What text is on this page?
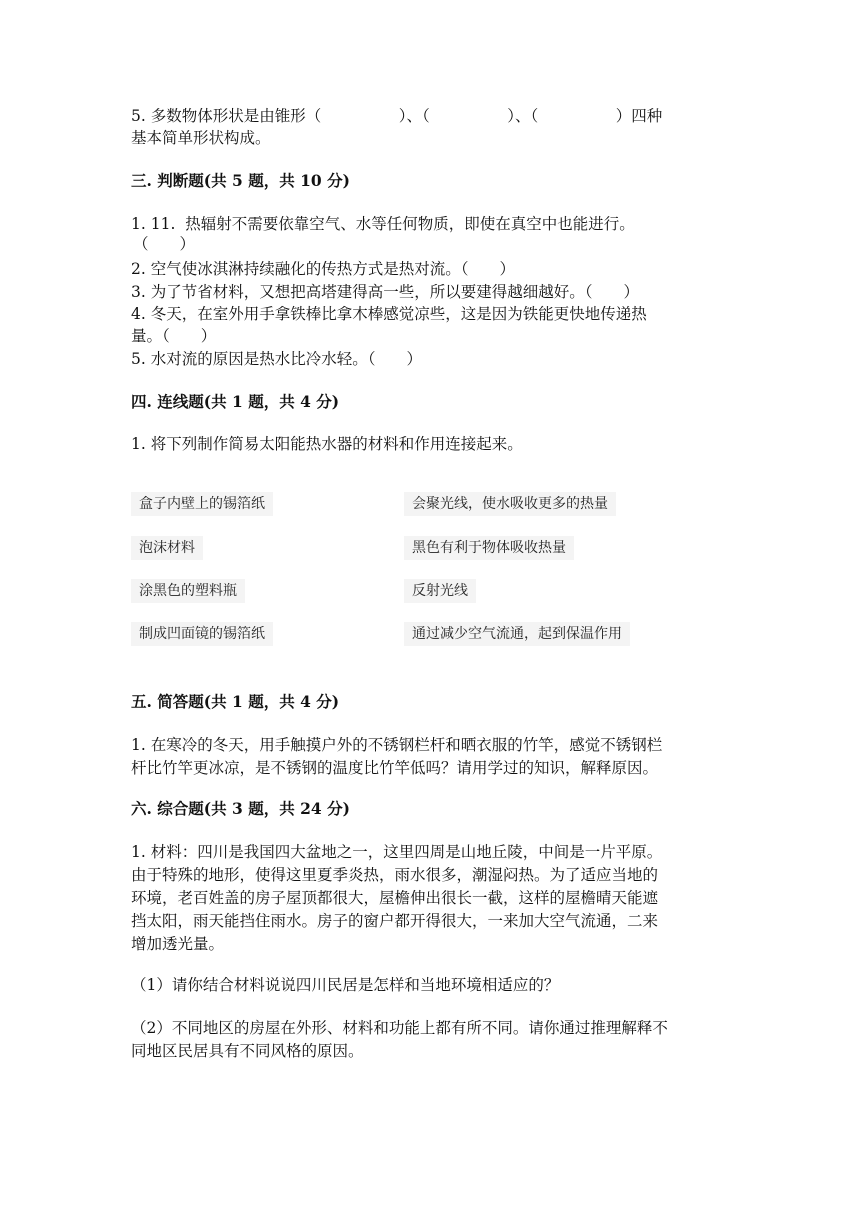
5. 多数物体形状是由锥形（　　　　　）、（　　　　　）、（　　　　　）四种
基本简单形状构成。
三. 判断题(共 5 题，共 10 分)
1. 11.  热辐射不需要依靠空气、水等任何物质，即使在真空中也能进行。
（　　）
2. 空气使冰淇淋持续融化的传热方式是热对流。（　　）
3. 为了节省材料，又想把高塔建得高一些，所以要建得越细越好。（　　）
4. 冬天，在室外用手拿铁棒比拿木棒感觉凉些，这是因为铁能更快地传递热
量。（　　）
5. 水对流的原因是热水比冷水轻。（　　）
四. 连线题(共 1 题，共 4 分)
1. 将下列制作简易太阳能热水器的材料和作用连接起来。
盒子内壁上的锡箔纸
泡沫材料
涂黑色的塑料瓶
制成凹面镜的锡箔纸
会聚光线，使水吸收更多的热量
黑色有利于物体吸收热量
反射光线
通过减少空气流通，起到保温作用
五. 简答题(共 1 题，共 4 分)
1. 在寒冷的冬天，用手触摸户外的不锈钢栏杆和晒衣服的竹竿，感觉不锈钢栏
杆比竹竿更冰凉，是不锈钢的温度比竹竿低吗？请用学过的知识，解释原因。
六. 综合题(共 3 题，共 24 分)
1. 材料：四川是我国四大盆地之一，这里四周是山地丘陵，中间是一片平原。
由于特殊的地形，使得这里夏季炎热，雨水很多，潮湿闷热。为了适应当地的
环境，老百姓盖的房子屋顶都很大，屋檐伸出很长一截，这样的屋檐晴天能遮
挡太阳，雨天能挡住雨水。房子的窗户都开得很大，一来加大空气流通，二来
增加透光量。
（1）请你结合材料说说四川民居是怎样和当地环境相适应的？
（2）不同地区的房屋在外形、材料和功能上都有所不同。请你通过推理解释不
同地区民居具有不同风格的原因。
